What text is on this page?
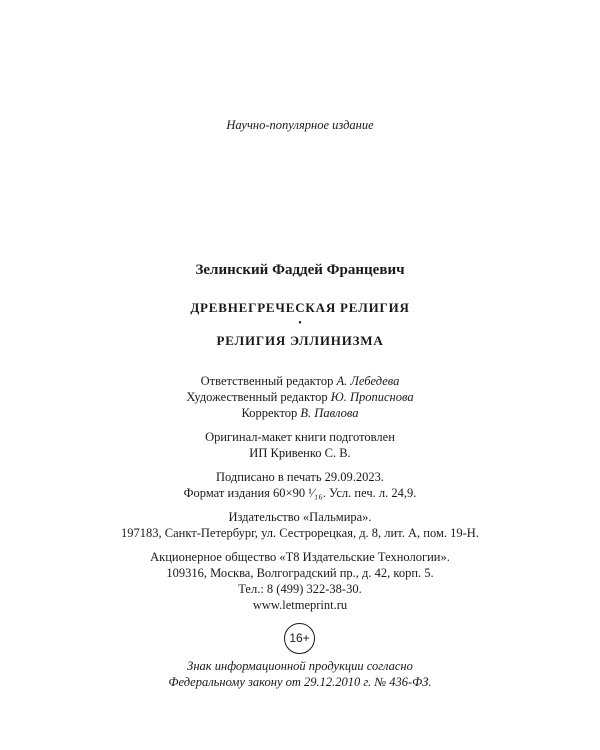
Научно-популярное издание
Зелинский Фаддей Францевич
ДРЕВНЕГРЕЧЕСКАЯ РЕЛИГИЯ
•
РЕЛИГИЯ ЭЛЛИНИЗМА
Ответственный редактор А. Лебедева
Художественный редактор Ю. Прописнова
Корректор В. Павлова
Оригинал-макет книги подготовлен
ИП Кривенко С. В.
Подписано в печать 29.09.2023.
Формат издания 60×90 ¹⁄₁₆. Усл. печ. л. 24,9.
Издательство «Пальмира».
197183, Санкт-Петербург, ул. Сестрорецкая, д. 8, лит. А, пом. 19-Н.
Акционерное общество «Т8 Издательские Технологии».
109316, Москва, Волгоградский пр., д. 42, корп. 5.
Тел.: 8 (499) 322-38-30.
www.letmeprint.ru
16+
Знак информационной продукции согласно
Федеральному закону от 29.12.2010 г. № 436-ФЗ.
